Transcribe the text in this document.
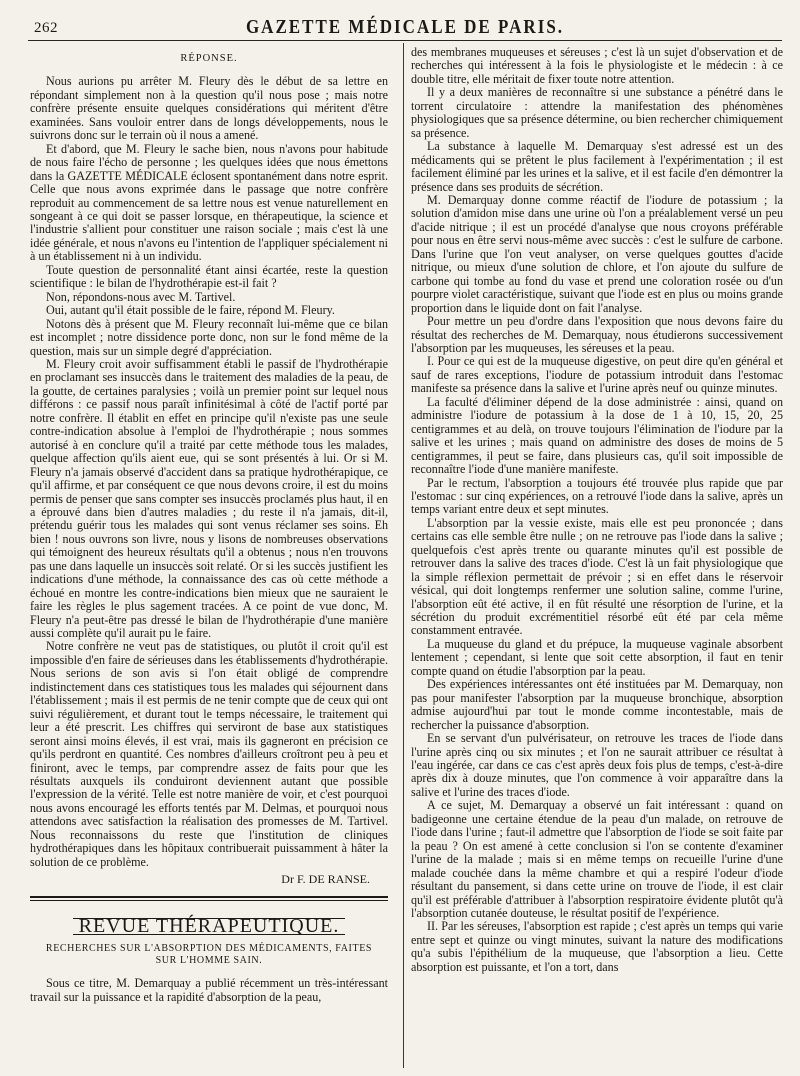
262	GAZETTE MÉDICALE DE PARIS.
RÉPONSE.

Nous aurions pu arrêter M. Fleury dès le début de sa lettre en répondant simplement non à la question qu'il nous pose ; mais notre confrère présente ensuite quelques considérations qui méritent d'être examinées. Sans vouloir entrer dans de longs développements, nous le suivrons donc sur le terrain où il nous a amené.

Et d'abord, que M. Fleury le sache bien, nous n'avons pour habitude de nous faire l'écho de personne ; les quelques idées que nous émettons dans la GAZETTE MÉDICALE éclosent spontanément dans notre esprit. Celle que nous avons exprimée dans le passage que notre confrère reproduit au commencement de sa lettre nous est venue naturellement en songeant à ce qui doit se passer lorsque, en thérapeutique, la science et l'industrie s'allient pour constituer une raison sociale ; mais c'est là une idée générale, et nous n'avons eu l'intention de l'appliquer spécialement ni à un établissement ni à un individu.

Toute question de personnalité étant ainsi écartée, reste la question scientifique : le bilan de l'hydrothérapie est-il fait ?

Non, répondons-nous avec M. Tartivel.

Oui, autant qu'il était possible de le faire, répond M. Fleury.

Notons dès à présent que M. Fleury reconnaît lui-même que ce bilan est incomplet ; notre dissidence porte donc, non sur le fond même de la question, mais sur un simple degré d'appréciation.

M. Fleury croit avoir suffisamment établi le passif de l'hydrothérapie en proclamant ses insuccès dans le traitement des maladies de la peau, de la goutte, de certaines paralysies ; voilà un premier point sur lequel nous différons : ce passif nous paraît infinitésimal à côté de l'actif porté par notre confrère. Il établit en effet en principe qu'il n'existe pas une seule contre-indication absolue à l'emploi de l'hydrothérapie ; nous sommes autorisé à en conclure qu'il a traité par cette méthode tous les malades, quelque affection qu'ils aient eue, qui se sont présentés à lui. Or si M. Fleury n'a jamais observé d'accident dans sa pratique hydrothérapique, ce qu'il affirme, et par conséquent ce que nous devons croire, il est du moins permis de penser que sans compter ses insuccès proclamés plus haut, il en a éprouvé dans bien d'autres maladies ; du reste il n'a jamais, dit-il, prétendu guérir tous les malades qui sont venus réclamer ses soins. Eh bien ! nous ouvrons son livre, nous y lisons de nombreuses observations qui témoignent des heureux résultats qu'il a obtenus ; nous n'en trouvons pas une dans laquelle un insuccès soit relaté. Or si les succès justifient les indications d'une méthode, la connaissance des cas où cette méthode a échoué en montre les contre-indications bien mieux que ne sauraient le faire les règles le plus sagement tracées. A ce point de vue donc, M. Fleury n'a peut-être pas dressé le bilan de l'hydrothérapie d'une manière aussi complète qu'il aurait pu le faire.

Notre confrère ne veut pas de statistiques, ou plutôt il croit qu'il est impossible d'en faire de sérieuses dans les établissements d'hydrothérapie. Nous serions de son avis si l'on était obligé de comprendre indistinctement dans ces statistiques tous les malades qui séjournent dans l'établissement ; mais il est permis de ne tenir compte que de ceux qui ont suivi régulièrement, et durant tout le temps nécessaire, le traitement qui leur a été prescrit. Les chiffres qui serviront de base aux statistiques seront ainsi moins élevés, il est vrai, mais ils gagneront en précision ce qu'ils perdront en quantité. Ces nombres d'ailleurs croîtront peu à peu et finiront, avec le temps, par comprendre assez de faits pour que les résultats auxquels ils conduiront deviennent autant que possible l'expression de la vérité. Telle est notre manière de voir, et c'est pourquoi nous avons encouragé les efforts tentés par M. Delmas, et pourquoi nous attendons avec satisfaction la réalisation des promesses de M. Tartivel. Nous reconnaissons du reste que l'institution de cliniques hydrothérapiques dans les hôpitaux contribuerait puissamment à hâter la solution de ce problème.

Dr F. DE RANSE.
REVUE THÉRAPEUTIQUE.
RECHERCHES SUR L'ABSORPTION DES MÉDICAMENTS, FAITES SUR L'HOMME SAIN.

Sous ce titre, M. Demarquay a publié récemment un très-intéressant travail sur la puissance et la rapidité d'absorption de la peau,

des membranes muqueuses et séreuses ; c'est là un sujet d'observation et de recherches qui intéressent à la fois le physiologiste et le médecin : à ce double titre, elle méritait de fixer toute notre attention.

Il y a deux manières de reconnaître si une substance a pénétré dans le torrent circulatoire : attendre la manifestation des phénomènes physiologiques que sa présence détermine, ou bien rechercher chimiquement sa présence.

La substance à laquelle M. Demarquay s'est adressé est un des médicaments qui se prêtent le plus facilement à l'expérimentation ; il est facilement éliminé par les urines et la salive, et il est facile d'en démontrer la présence dans ses produits de sécrétion.

M. Demarquay donne comme réactif de l'iodure de potassium ; la solution d'amidon mise dans une urine où l'on a préalablement versé un peu d'acide nitrique ; il est un procédé d'analyse que nous croyons préférable pour nous en être servi nous-même avec succès : c'est le sulfure de carbone. Dans l'urine que l'on veut analyser, on verse quelques gouttes d'acide nitrique, ou mieux d'une solution de chlore, et l'on ajoute du sulfure de carbone qui tombe au fond du vase et prend une coloration rosée ou d'un pourpre violet caractéristique, suivant que l'iode est en plus ou moins grande proportion dans le liquide dont on fait l'analyse.

Pour mettre un peu d'ordre dans l'exposition que nous devons faire du résultat des recherches de M. Demarquay, nous étudierons successivement l'absorption par les muqueuses, les séreuses et la peau.

I. Pour ce qui est de la muqueuse digestive, on peut dire qu'en général et sauf de rares exceptions, l'iodure de potassium introduit dans l'estomac manifeste sa présence dans la salive et l'urine après neuf ou quinze minutes.

La faculté d'éliminer dépend de la dose administrée : ainsi, quand on administre l'iodure de potassium à la dose de 1 à 10, 15, 20, 25 centigrammes et au delà, on trouve toujours l'élimination de l'iodure par la salive et les urines ; mais quand on administre des doses de moins de 5 centigrammes, il peut se faire, dans plusieurs cas, qu'il soit impossible de reconnaître l'iode d'une manière manifeste.

Par le rectum, l'absorption a toujours été trouvée plus rapide que par l'estomac : sur cinq expériences, on a retrouvé l'iode dans la salive, après un temps variant entre deux et sept minutes.

L'absorption par la vessie existe, mais elle est peu prononcée ; dans certains cas elle semble être nulle ; on ne retrouve pas l'iode dans la salive ; quelquefois c'est après trente ou quarante minutes qu'il est possible de retrouver dans la salive des traces d'iode. C'est là un fait physiologique que la simple réflexion permettait de prévoir ; si en effet dans le réservoir vésical, qui doit longtemps renfermer une solution saline, comme l'urine, l'absorption eût été active, il en fût résulté une résorption de l'urine, et la sécrétion du produit excrémentitiel résorbé eût été par cela même constamment entravée.

La muqueuse du gland et du prépuce, la muqueuse vaginale absorbent lentement ; cependant, si lente que soit cette absorption, il faut en tenir compte quand on étudie l'absorption par la peau.

Des expériences intéressantes ont été instituées par M. Demarquay, non pas pour manifester l'absorption par la muqueuse bronchique, absorption admise aujourd'hui par tout le monde comme incontestable, mais de rechercher la puissance d'absorption.

En se servant d'un pulvérisateur, on retrouve les traces de l'iode dans l'urine après cinq ou six minutes ; et l'on ne saurait attribuer ce résultat à l'eau ingérée, car dans ce cas c'est après deux fois plus de temps, c'est-à-dire après dix à douze minutes, que l'on commence à voir apparaître dans la salive et l'urine des traces d'iode.

A ce sujet, M. Demarquay a observé un fait intéressant : quand on badigeonne une certaine étendue de la peau d'un malade, on retrouve de l'iode dans l'urine ; faut-il admettre que l'absorption de l'iode se soit faite par la peau ? On est amené à cette conclusion si l'on se contente d'examiner l'urine de la malade ; mais si en même temps on recueille l'urine d'une malade couchée dans la même chambre et qui a respiré l'odeur d'iode résultant du pansement, si dans cette urine on trouve de l'iode, il est clair qu'il est préférable d'attribuer à l'absorption respiratoire évidente plutôt qu'à l'absorption cutanée douteuse, le résultat positif de l'expérience.

II. Par les séreuses, l'absorption est rapide ; c'est après un temps qui varie entre sept et quinze ou vingt minutes, suivant la nature des modifications qu'a subis l'épithélium de la muqueuse, que l'absorption a lieu. Cette absorption est puissante, et l'on a tort, dans
